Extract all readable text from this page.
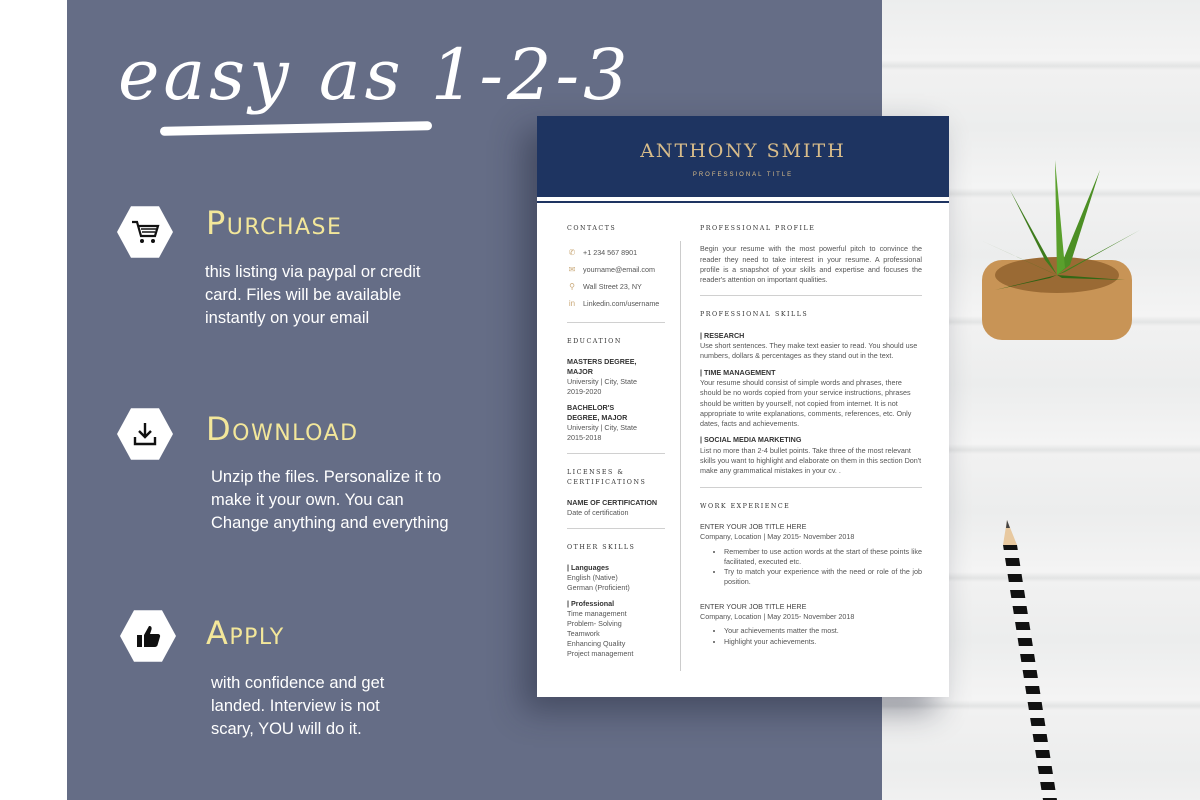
easy as 1-2-3
Purchase
this listing via paypal or credit
card. Files will be available
instantly on your email
Download
Unzip the files. Personalize it to
make it your own. You can
Change anything and everything
Apply
with confidence and get
landed. Interview is not
scary, YOU will do it.
ANTHONY SMITH
PROFESSIONAL TITLE
CONTACTS
✆ +1 234 567 8901
✉ yourname@email.com
⚲ Wall Street 23, NY
in Linkedin.com/username
EDUCATION
MASTERS DEGREE,
MAJOR
University | City, State
2019-2020
BACHELOR'S
DEGREE, MAJOR
University | City, State
2015-2018
LICENSES &
CERTIFICATIONS
NAME OF CERTIFICATION
Date of certification
OTHER SKILLS
| Languages
English (Native)
German (Proficient)
| Professional
Time management
Problem- Solving
Teamwork
Enhancing Quality
Project management
PROFESSIONAL PROFILE
Begin your resume with the most powerful pitch to convince the reader they need to take interest in your resume. A professional profile is a snapshot of your skills and expertise and focuses the reader's attention on important qualities.
PROFESSIONAL SKILLS
| RESEARCH
Use short sentences. They make text easier to read. You should use numbers, dollars & percentages as they stand out in the text.
| TIME MANAGEMENT
Your resume should consist of simple words and phrases, there should be no words copied from your service instructions, phrases should be written by yourself, not copied from internet. It is not appropriate to write explanations, comments, references, etc. Only dates, facts and achievements.
| SOCIAL MEDIA MARKETING
List no more than 2-4 bullet points. Take three of the most relevant skills you want to highlight and elaborate on them in this section Don't make any grammatical mistakes in your cv. .
WORK EXPERIENCE
ENTER YOUR JOB TITLE HERE
Company, Location | May 2015- November 2018
• Remember to use action words at the start of these points like facilitated, executed etc.
• Try to match your experience with the need or role of the job position.
ENTER YOUR JOB TITLE HERE
Company, Location | May 2015- November 2018
• Your achievements matter the most.
• Highlight your achievements.
